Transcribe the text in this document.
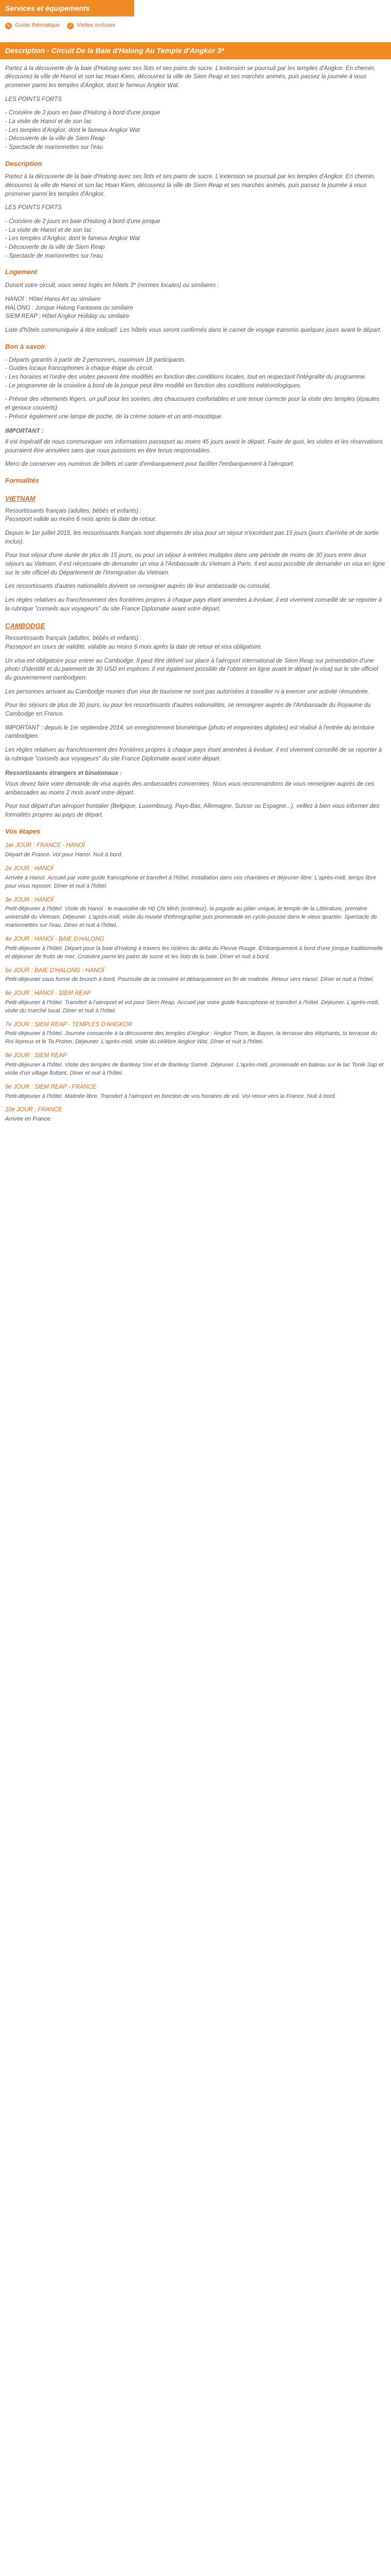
Services et équipements
✎ Guide thématique	✓ Visites incluses
Description - Circuit De la Baie d'Halong Au Temple d'Angkor 3*
Partez à la découverte de la baie d'Halong avec ses îlots et ses pains de sucre. L'extension se poursuit par les temples d'Angkor. En chemin, découvrez la ville de Hanoï et son lac Hoan Kiem, découvrez la ville de Siem Reap et ses marchés animés, puis passez la journée à vous promener parmi les temples d'Angkor, dont le fameux Angkor Wat.
LES POINTS FORTS
- Croisière de 2 jours en baie d'Halong à bord d'une jonque
- La visite de Hanoï et de son lac
- Les temples d'Angkor, dont le fameux Angkor Wat
- Découverte de la ville de Siem Reap
- Spectacle de marionnettes sur l'eau
Description
Partez à la découverte de la baie d'Halong avec ses îlots et ses pains de sucre. L'extension se poursuit par les temples d'Angkor. En chemin, découvrez la ville de Hanoï et son lac Hoan Kiem, découvrez la ville de Siem Reap et ses marchés animés, puis passez la journée à vous promener parmi les temples d'Angkor.
LES POINTS FORTS
- Croisière de 2 jours en baie d'Halong à bord d'une jonque
- La visite de Hanoï et de son lac
- Les temples d'Angkor, dont le fameux Angkor Wat
- Découverte de la ville de Siem Reap
- Spectacle de marionnettes sur l'eau
Logement
Durant votre circuit, vous serez logés en hôtels 3* (normes locales) ou similaires :
HANOI : Hôtel Hanoi Art ou similaire
HALONG : Jonque Halong Fantasea ou similaire
SIEM REAP : Hôtel Angkor Holiday ou similaire
Liste d'hôtels communiquée à titre indicatif. Les hôtels vous seront confirmés dans le carnet de voyage transmis quelques jours avant le départ.
Bon à savoir
- Départs garantis à partir de 2 personnes, maximum 18 participants.
- Guides locaux francophones à chaque étape du circuit.
- Les horaires et l'ordre des visites peuvent être modifiés en fonction des conditions locales, tout en respectant l'intégralité du programme.
- Le programme de la croisière à bord de la jonque peut être modifié en fonction des conditions météorologiques.
- Prévoir des vêtements légers, un pull pour les soirées, des chaussures confortables et une tenue correcte pour la visite des temples (épaules et genoux couverts).
- Prévoir également une lampe de poche, de la crème solaire et un anti-moustique.
IMPORTANT :
Il est impératif de nous communiquer vos informations passeport au moins 45 jours avant le départ. Faute de quoi, les visites et les réservations pourraient être annulées sans que nous puissions en être tenus responsables.
Merci de conserver vos numéros de billets et carte d'embarquement pour faciliter l'embarquement à l'aéroport.
Formalités
VIETNAM
Ressortissants français (adultes, bébés et enfants) :
Passeport valide au moins 6 mois après la date de retour.
Depuis le 1er juillet 2015, les ressortissants français sont dispensés de visa pour un séjour n'excédant pas 15 jours (jours d'arrivée et de sortie inclus).
Pour tout séjour d'une durée de plus de 15 jours, ou pour un séjour à entrées multiples dans une période de moins de 30 jours entre deux séjours au Vietnam, il est nécessaire de demander un visa à l'Ambassade du Vietnam à Paris. Il est aussi possible de demander un visa en ligne sur le site officiel du Département de l'Immigration du Vietnam.
Les ressortissants d'autres nationalités doivent se renseigner auprès de leur ambassade ou consulat.
Les règles relatives au franchissement des frontières propres à chaque pays étant amenées à évoluer, il est vivement conseillé de se reporter à la rubrique "conseils aux voyageurs" du site France Diplomatie avant votre départ.
CAMBODGE
Ressortissants français (adultes, bébés et enfants) :
Passeport en cours de validité, valable au moins 6 mois après la date de retour et visa obligatoire.
Un visa est obligatoire pour entrer au Cambodge. Il peut être délivré sur place à l'aéroport international de Siem Reap sur présentation d'une photo d'identité et du paiement de 30 USD en espèces. Il est également possible de l'obtenir en ligne avant le départ (e-visa) sur le site officiel du gouvernement cambodgien.
Les personnes arrivant au Cambodge munies d'un visa de tourisme ne sont pas autorisées à travailler ni à exercer une activité rémunérée.
Pour les séjours de plus de 30 jours, ou pour les ressortissants d'autres nationalités, se renseigner auprès de l'Ambassade du Royaume du Cambodge en France.
IMPORTANT : depuis le 1er septembre 2014, un enregistrement biométrique (photo et empreintes digitales) est réalisé à l'entrée du territoire cambodgien.
Les règles relatives au franchissement des frontières propres à chaque pays étant amenées à évoluer, il est vivement conseillé de se reporter à la rubrique "conseils aux voyageurs" du site France Diplomatie avant votre départ.
Ressortissants étrangers et binationaux :
Vous devez faire votre demande de visa auprès des ambassades concernées. Nous vous recommandons de vous renseigner auprès de ces ambassades au moins 2 mois avant votre départ.
Pour tout départ d'un aéroport frontalier (Belgique, Luxembourg, Pays-Bas, Allemagne, Suisse ou Espagne...), veillez à bien vous informer des formalités propres au pays de départ.
Vos étapes
1er JOUR : FRANCE - HANOÏ
Départ de France. Vol pour Hanoï. Nuit à bord.
2e JOUR : HANOÏ
Arrivée à Hanoï. Accueil par votre guide francophone et transfert à l'hôtel. Installation dans vos chambres et déjeuner libre. L'après-midi, temps libre pour vous reposer. Dîner et nuit à l'hôtel.
3e JOUR : HANOÏ
Petit-déjeuner à l'hôtel. Visite de Hanoï : le mausolée de Hô Chi Minh (extérieur), la pagode au pilier unique, le temple de la Littérature, première université du Vietnam. Déjeuner. L'après-midi, visite du musée d'ethnographie puis promenade en cyclo-pousse dans le vieux quartier. Spectacle de marionnettes sur l'eau. Dîner et nuit à l'hôtel.
4e JOUR : HANOÏ - BAIE D'HALONG
Petit-déjeuner à l'hôtel. Départ pour la baie d'Halong à travers les rizières du delta du Fleuve Rouge. Embarquement à bord d'une jonque traditionnelle et déjeuner de fruits de mer. Croisière parmi les pains de sucre et les îlots de la baie. Dîner et nuit à bord.
5e JOUR : BAIE D'HALONG - HANOÏ
Petit-déjeuner sous forme de brunch à bord. Poursuite de la croisière et débarquement en fin de matinée. Retour vers Hanoï. Dîner et nuit à l'hôtel.
6e JOUR : HANOÏ - SIEM REAP
Petit-déjeuner à l'hôtel. Transfert à l'aéroport et vol pour Siem Reap. Accueil par votre guide francophone et transfert à l'hôtel. Déjeuner. L'après-midi, visite du marché local. Dîner et nuit à l'hôtel.
7e JOUR : SIEM REAP - TEMPLES D'ANGKOR
Petit-déjeuner à l'hôtel. Journée consacrée à la découverte des temples d'Angkor : Angkor Thom, le Bayon, la terrasse des éléphants, la terrasse du Roi lépreux et le Ta Prohm. Déjeuner. L'après-midi, visite du célèbre Angkor Wat. Dîner et nuit à l'hôtel.
8e JOUR : SIEM REAP
Petit-déjeuner à l'hôtel. Visite des temples de Banteay Srei et de Banteay Samré. Déjeuner. L'après-midi, promenade en bateau sur le lac Tonlé Sap et visite d'un village flottant. Dîner et nuit à l'hôtel.
9e JOUR : SIEM REAP - FRANCE
Petit-déjeuner à l'hôtel. Matinée libre. Transfert à l'aéroport en fonction de vos horaires de vol. Vol retour vers la France. Nuit à bord.
10e JOUR : FRANCE
Arrivée en France.
